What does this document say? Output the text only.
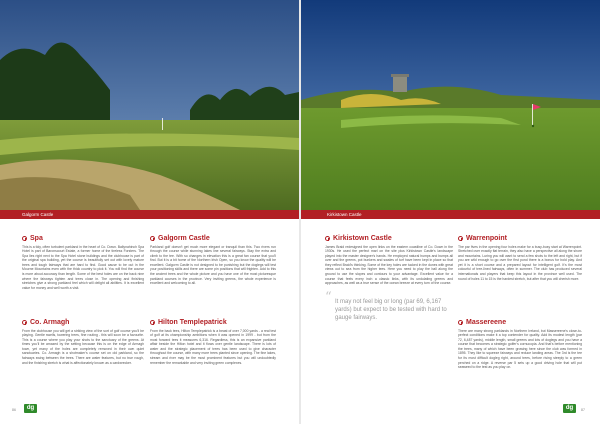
Galgorm Castle	Kirkistown Castle
Spa

This is a tidy, often turbulent parkland in the heart of Co. Down. Ballynahinch Spa Hotel is part of Baronscourt Estate, a former home of the tireless Forsters. The Spa lies right next to the Spa Hotel stone buildings and the clubhouse is part of the original spa building, yet the course is beautifully set out with lovely mature trees and tough fairways that are hard to find. Good cause to be out in the Mourne Mountains even with the thick country to pick it. You will find the course is more about accuracy than length. Some of the best holes are on the back nine where the fairways tighten and trees close in. The opening and finishing stretches give a strong parkland feel which will delight all abilities. It is excellent value for money and well worth a visit.

Co. Armagh

From the clubhouse you will get a striking view of the sort of golf course you'll be playing. Gentle swells, towering trees, fine routing - this will soon be a favourite. This is a course where you play your shots to the sanctuary of the greens. At times you'll be amazed by the setting because this is on the edge of Armagh town, yet many of the holes are completely removed in their own quiet sanctuaries. Co. Armagh is a shotmaker's course set on old parkland, so the fairways swing between the trees. There are water features, but no true rough, and the finishing stretch is what is affectionately known as a cardwrecker.

Galgorm Castle

Parkland golf doesn't get much more elegant or tranquil than this. Two rivers run through the course while stunning lakes line several fairways. Stay the extra and climb to the tee. With so changes in elevation this is a great fan course that you'll find. But it is a bit home of the Northern Irish Open, so you know the quality will be excellent. Galgorm Castle is not designed to be punishing but the doglegs will test your positioning skills and there are some pin positions that will frighten. Add to this the ancient trees and the whole picture and you have one of the most picturesque parkland courses in the province. Very inviting greens, the whole experience is excellent and welcoming to all.

Hilton Templepatrick

From the back tees, Hilton Templepatrick is a beast of over 7,000 yards - a real test of golf at its championship ambitions when it was opened in 1999 - but from the most forward tees it measures 6,316. Regardless, this is an expansive parkland affair beside the Hilton hotel and it flows over gentle landscape. There is lots of water and the strategic placement of trees has been used to give character throughout the course, with many more trees planted since opening. The fine lakes, stream and river may be the most prominent features but you will undoubtedly remember the remarkable and very inviting green complexes.

Kirkistown Castle

James Braid redesigned the open links on the eastern coastline of Co. Down in the 1930s. He used the perfect marl on the site plus Kirkistown Castle's landscape played into the master designer's hands. He employed natural humps and bumps all over and the greens, pot bunkers and swales of turf have been kept in place so that they reflect Braid's thinking. Some of the key holes are tucked in the dunes with great views out to sea from the higher tees. Here you need to play the ball along the ground to use the slopes and contours to your advantage. Excellent value for a course that feels every inch a classic links, with its undulating greens and approaches, as well as a true sense of the ocean breeze at every turn of the course.

“ It may not feel big or long (par 69, 6,167 yards) but expect to be tested with hard to gauge fairways.
Warrenpoint

The par fives in the opening four holes make for a busy-busy start at Warrenpoint. Stretched over exactly flat terrain, they also have a perspective all along the shore and mountains. Luring you will want to send a few shots to the left and right, but if you are wild enough to go over the first pond there is a bonus for bold play. And yet it is a short course and a prepared layout for intelligent golf. It's the most colourful of tree-lined fairways, often in summer. The club has produced several internationals and players that keep this layout in the province well used. The round of holes 11 to 15 is the hardest stretch, but after that you will cherish more.

Massereene

There are many strong parklands in Northern Ireland, but Massereene's close-to-perfect conditions make it a top contender for quality. Add its modest length (par 72, 6,487 yards), middle length, small greens and lots of doglegs and you have a course that becomes a strategic golfer's cornucopia. And that's before mentioning the trees, many of which have been growing here since the club was formed in 1895. They like to squeeze fairways and reduce landing areas. The 3rd is the tee for its most difficult dogleg right, around trees, before rising steeply to a green perched on a ridge. A reverse par 5 sets up a good driving hole that will put seaweed to the test as you play on.

86	dg	dg	87
